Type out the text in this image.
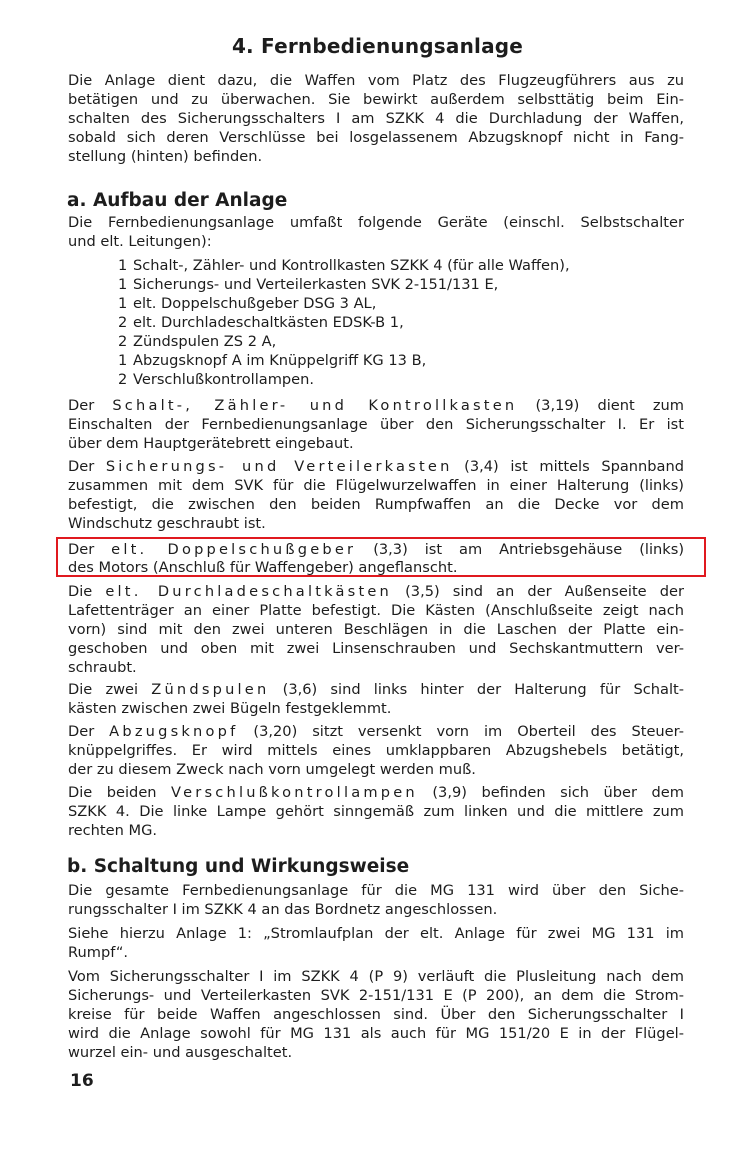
4. Fernbedienungsanlage
Die Anlage dient dazu, die Waffen vom Platz des Flugzeugführers aus zu
betätigen und zu überwachen. Sie bewirkt außerdem selbsttätig beim Ein-
schalten des Sicherungsschalters I am SZKK 4 die Durchladung der Waffen,
sobald sich deren Verschlüsse bei losgelassenem Abzugsknopf nicht in Fang-
stellung (hinten) befinden.
a. Aufbau der Anlage
Die Fernbedienungsanlage umfaßt folgende Geräte (einschl. Selbstschalter
und elt. Leitungen):
1 Schalt-, Zähler- und Kontrollkasten SZKK 4 (für alle Waffen),
1 Sicherungs- und Verteilerkasten SVK 2-151/131 E,
1 elt. Doppelschußgeber DSG 3 AL,
2 elt. Durchladeschaltkästen EDSK-B 1,
2 Zündspulen ZS 2 A,
1 Abzugsknopf A im Knüppelgriff KG 13 B,
2 Verschlußkontrollampen.
Der Schalt-, Zähler- und Kontrollkasten (3,19) dient zum
Einschalten der Fernbedienungsanlage über den Sicherungsschalter I. Er ist
über dem Hauptgerätebrett eingebaut.
Der Sicherungs- und Verteilerkasten (3,4) ist mittels Spannband
zusammen mit dem SVK für die Flügelwurzelwaffen in einer Halterung (links)
befestigt, die zwischen den beiden Rumpfwaffen an die Decke vor dem
Windschutz geschraubt ist.
Der elt. Doppelschußgeber (3,3) ist am Antriebsgehäuse (links)
des Motors (Anschluß für Waffengeber) angeflanscht.
Die elt. Durchladeschaltkästen (3,5) sind an der Außenseite der
Lafettenträger an einer Platte befestigt. Die Kästen (Anschlußseite zeigt nach
vorn) sind mit den zwei unteren Beschlägen in die Laschen der Platte ein-
geschoben und oben mit zwei Linsenschrauben und Sechskantmuttern ver-
schraubt.
Die zwei Zündspulen (3,6) sind links hinter der Halterung für Schalt-
kästen zwischen zwei Bügeln festgeklemmt.
Der Abzugsknopf (3,20) sitzt versenkt vorn im Oberteil des Steuer-
knüppelgriffes. Er wird mittels eines umklappbaren Abzugshebels betätigt,
der zu diesem Zweck nach vorn umgelegt werden muß.
Die beiden Verschlußkontrollampen (3,9) befinden sich über dem
SZKK 4. Die linke Lampe gehört sinngemäß zum linken und die mittlere zum
rechten MG.
b. Schaltung und Wirkungsweise
Die gesamte Fernbedienungsanlage für die MG 131 wird über den Siche-
rungsschalter I im SZKK 4 an das Bordnetz angeschlossen.
Siehe hierzu Anlage 1: „Stromlaufplan der elt. Anlage für zwei MG 131 im
Rumpf“.
Vom Sicherungsschalter I im SZKK 4 (P 9) verläuft die Plusleitung nach dem
Sicherungs- und Verteilerkasten SVK 2-151/131 E (P 200), an dem die Strom-
kreise für beide Waffen angeschlossen sind. Über den Sicherungsschalter I
wird die Anlage sowohl für MG 131 als auch für MG 151/20 E in der Flügel-
wurzel ein- und ausgeschaltet.
16
